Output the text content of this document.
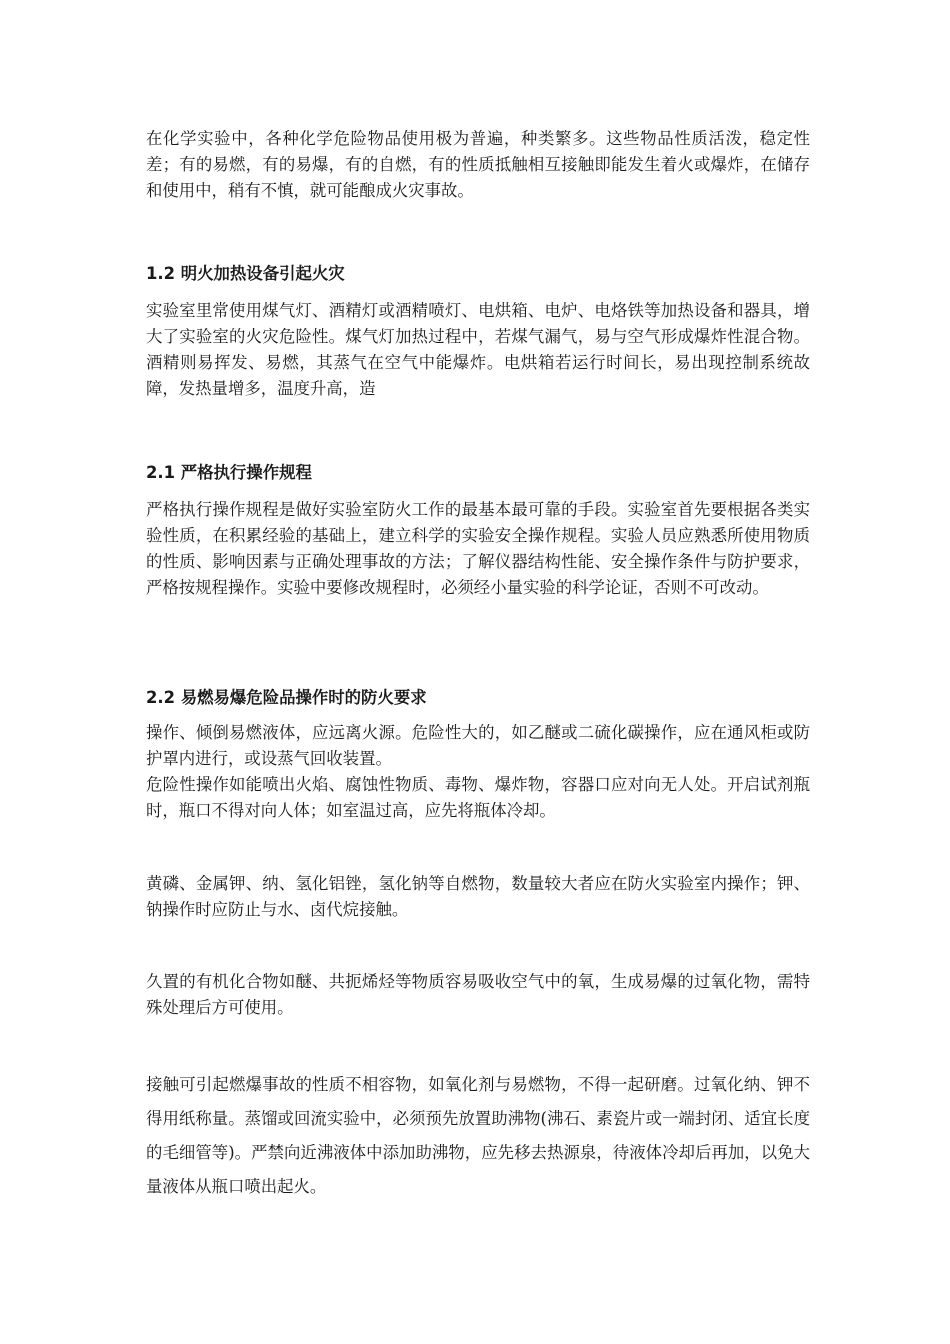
在化学实验中，各种化学危险物品使用极为普遍，种类繁多。这些物品性质活泼，稳定性差；有的易燃，有的易爆，有的自燃，有的性质抵触相互接触即能发生着火或爆炸，在储存和使用中，稍有不慎，就可能酿成火灾事故。

1.2 明火加热设备引起火灾

实验室里常使用煤气灯、酒精灯或酒精喷灯、电烘箱、电炉、电烙铁等加热设备和器具，增大了实验室的火灾危险性。煤气灯加热过程中，若煤气漏气，易与空气形成爆炸性混合物。酒精则易挥发、易燃，其蒸气在空气中能爆炸。电烘箱若运行时间长，易出现控制系统故障，发热量增多，温度升高，造

2.1 严格执行操作规程

严格执行操作规程是做好实验室防火工作的最基本最可靠的手段。实验室首先要根据各类实验性质，在积累经验的基础上，建立科学的实验安全操作规程。实验人员应熟悉所使用物质的性质、影响因素与正确处理事故的方法；了解仪器结构性能、安全操作条件与防护要求，严格按规程操作。实验中要修改规程时，必须经小量实验的科学论证，否则不可改动。

2.2 易燃易爆危险品操作时的防火要求

操作、倾倒易燃液体，应远离火源。危险性大的，如乙醚或二硫化碳操作，应在通风柜或防护罩内进行，或设蒸气回收装置。

危险性操作如能喷出火焰、腐蚀性物质、毒物、爆炸物，容器口应对向无人处。开启试剂瓶时，瓶口不得对向人体；如室温过高，应先将瓶体冷却。

黄磷、金属钾、纳、氢化铝锉，氢化钠等自燃物，数量较大者应在防火实验室内操作；钾、钠操作时应防止与水、卤代烷接触。

久置的有机化合物如醚、共扼烯烃等物质容易吸收空气中的氧，生成易爆的过氧化物，需特殊处理后方可使用。

接触可引起燃爆事故的性质不相容物，如氧化剂与易燃物，不得一起研磨。过氧化纳、钾不得用纸称量。蒸馏或回流实验中，必须预先放置助沸物(沸石、素瓷片或一端封闭、适宜长度的毛细管等)。严禁向近沸液体中添加助沸物，应先移去热源泉，待液体冷却后再加，以免大量液体从瓶口喷出起火。
